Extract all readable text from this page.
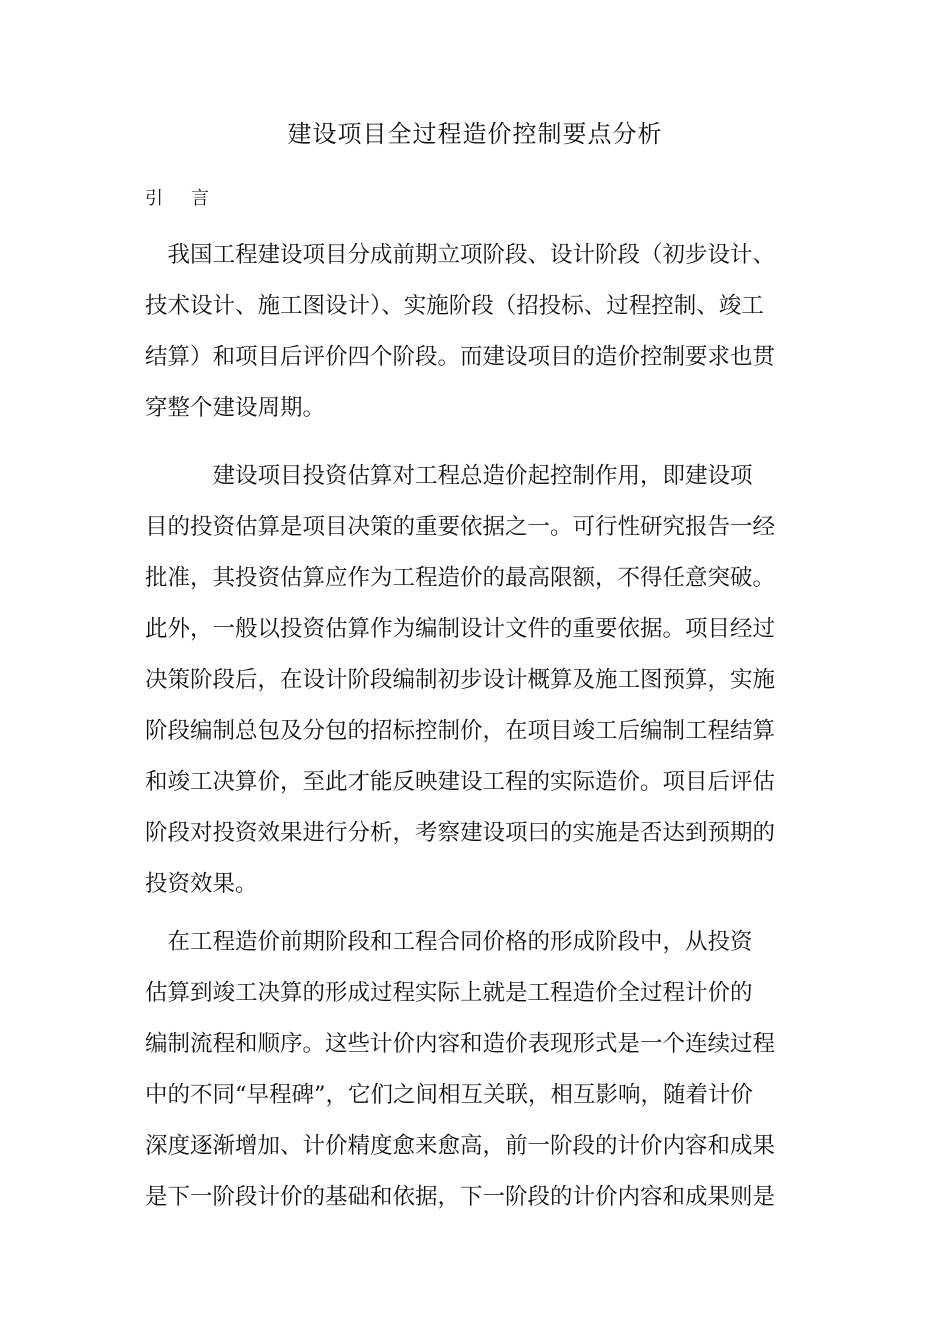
建设项目全过程造价控制要点分析
引言

　我国工程建设项目分成前期立项阶段、设计阶段（初步设计、
技术设计、施工图设计）、实施阶段（招投标、过程控制、竣工
结算）和项目后评价四个阶段。而建设项目的造价控制要求也贯
穿整个建设周期。

　　　建设项目投资估算对工程总造价起控制作用，即建设项
目的投资估算是项目决策的重要依据之一。可行性研究报告一经
批准，其投资估算应作为工程造价的最高限额，不得任意突破。
此外，一般以投资估算作为编制设计文件的重要依据。项目经过
决策阶段后，在设计阶段编制初步设计概算及施工图预算，实施
阶段编制总包及分包的招标控制价，在项目竣工后编制工程结算
和竣工决算价，至此才能反映建设工程的实际造价。项目后评估
阶段对投资效果进行分析，考察建设项曰的实施是否达到预期的
投资效果。

　在工程造价前期阶段和工程合同价格的形成阶段中，从投资
估算到竣工决算的形成过程实际上就是工程造价全过程计价的
编制流程和顺序。这些计价内容和造价表现形式是一个连续过程
中的不同“早程碑”，它们之间相互关联，相互影响，随着计价
深度逐渐增加、计价精度愈来愈高，前一阶段的计价内容和成果
是下一阶段计价的基础和依据，下一阶段的计价内容和成果则是
